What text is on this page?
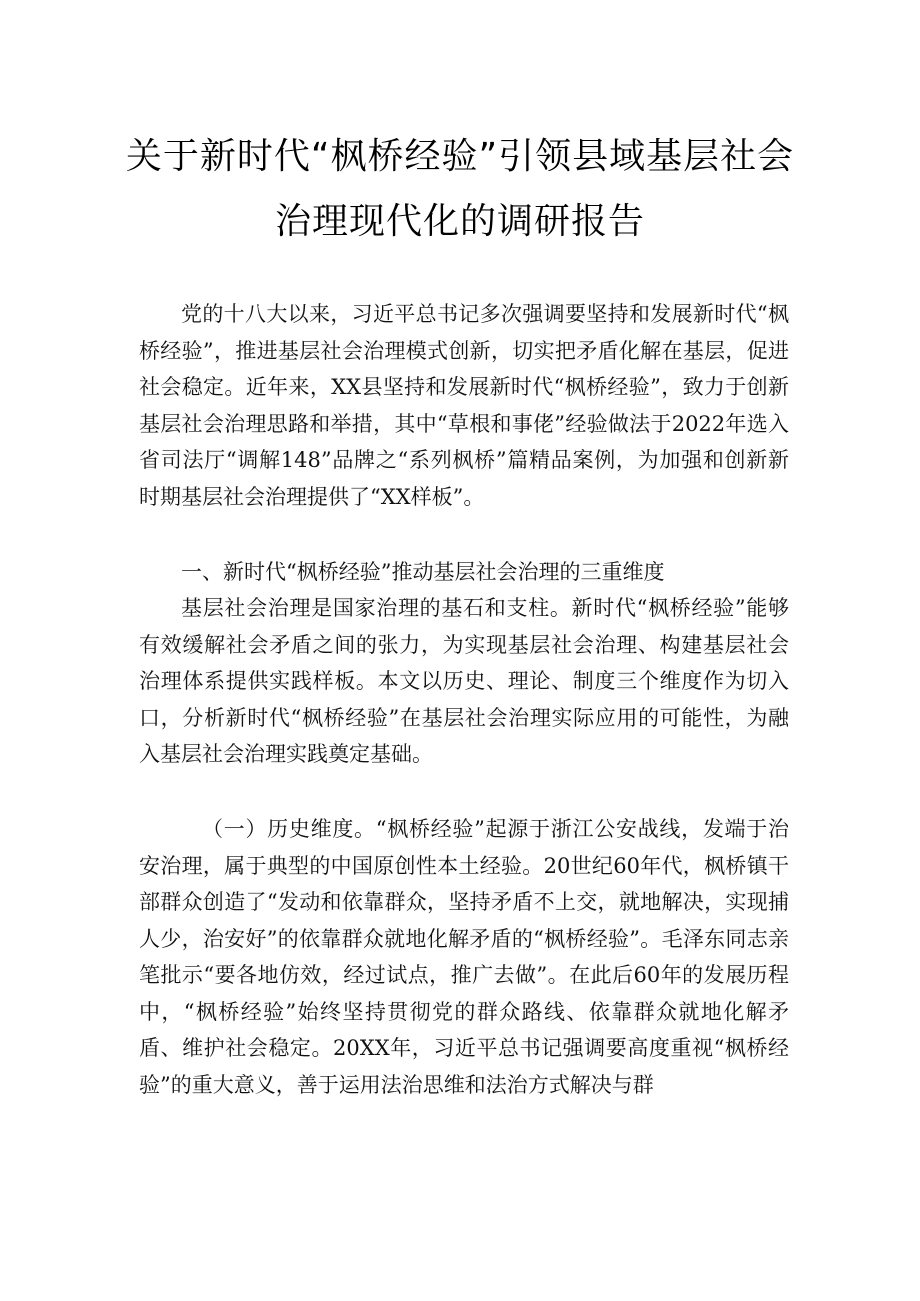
关于新时代“枫桥经验”引领县域基层社会
治理现代化的调研报告

党的十八大以来，习近平总书记多次强调要坚持和发展新时代“枫桥经验”，推进基层社会治理模式创新，切实把矛盾化解在基层，促进社会稳定。近年来，XX县坚持和发展新时代“枫桥经验”，致力于创新基层社会治理思路和举措，其中“草根和事佬”经验做法于2022年选入省司法厅“调解148”品牌之“系列枫桥”篇精品案例，为加强和创新新时期基层社会治理提供了“XX样板”。

一、新时代“枫桥经验”推动基层社会治理的三重维度

基层社会治理是国家治理的基石和支柱。新时代“枫桥经验”能够有效缓解社会矛盾之间的张力，为实现基层社会治理、构建基层社会治理体系提供实践样板。本文以历史、理论、制度三个维度作为切入口，分析新时代“枫桥经验”在基层社会治理实际应用的可能性，为融入基层社会治理实践奠定基础。

（一）历史维度。“枫桥经验”起源于浙江公安战线，发端于治安治理，属于典型的中国原创性本土经验。20世纪60年代，枫桥镇干部群众创造了“发动和依靠群众，坚持矛盾不上交，就地解决，实现捕人少，治安好”的依靠群众就地化解矛盾的“枫桥经验”。毛泽东同志亲笔批示“要各地仿效，经过试点，推广去做”。在此后60年的发展历程中，“枫桥经验”始终坚持贯彻党的群众路线、依靠群众就地化解矛盾、维护社会稳定。20XX年，习近平总书记强调要高度重视“枫桥经验”的重大意义，善于运用法治思维和法治方式解决与群
